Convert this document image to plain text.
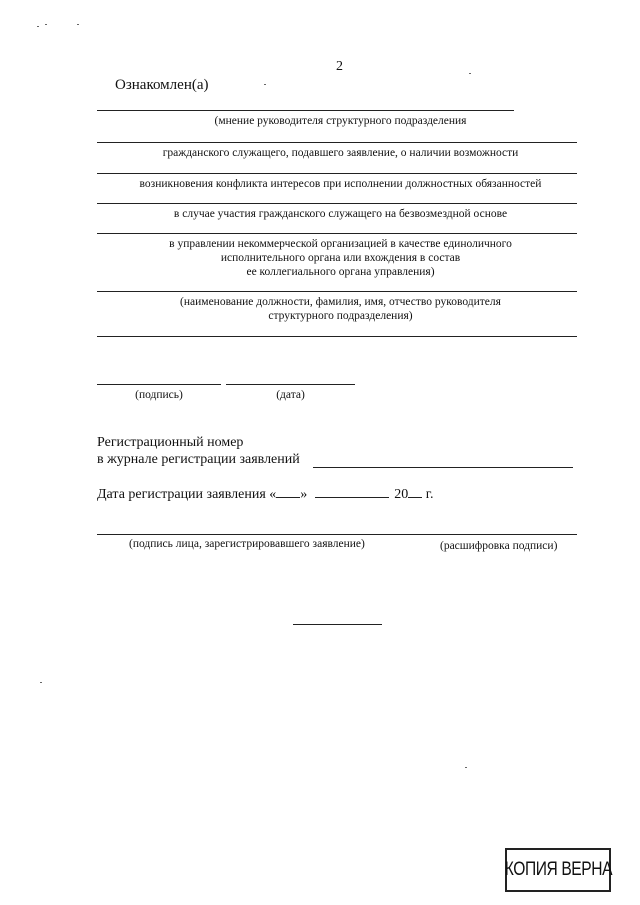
2
Ознакомлен(а)
(мнение руководителя структурного подразделения
гражданского служащего, подавшего заявление, о наличии возможности
возникновения конфликта интересов при исполнении должностных обязанностей
в случае участия гражданского служащего на безвозмездной основе
в управлении некоммерческой организацией в качестве единоличного
исполнительного органа или вхождения в состав
ее коллегиального органа управления)
(наименование должности, фамилия, имя, отчество руководителя
структурного подразделения)
(подпись)	(дата)
Регистрационный номер
в журнале регистрации заявлений
Дата регистрации заявления « »	20 г.
(подпись лица, зарегистрировавшего заявление)	(расшифровка подписи)
КОПИЯ ВЕРНА
